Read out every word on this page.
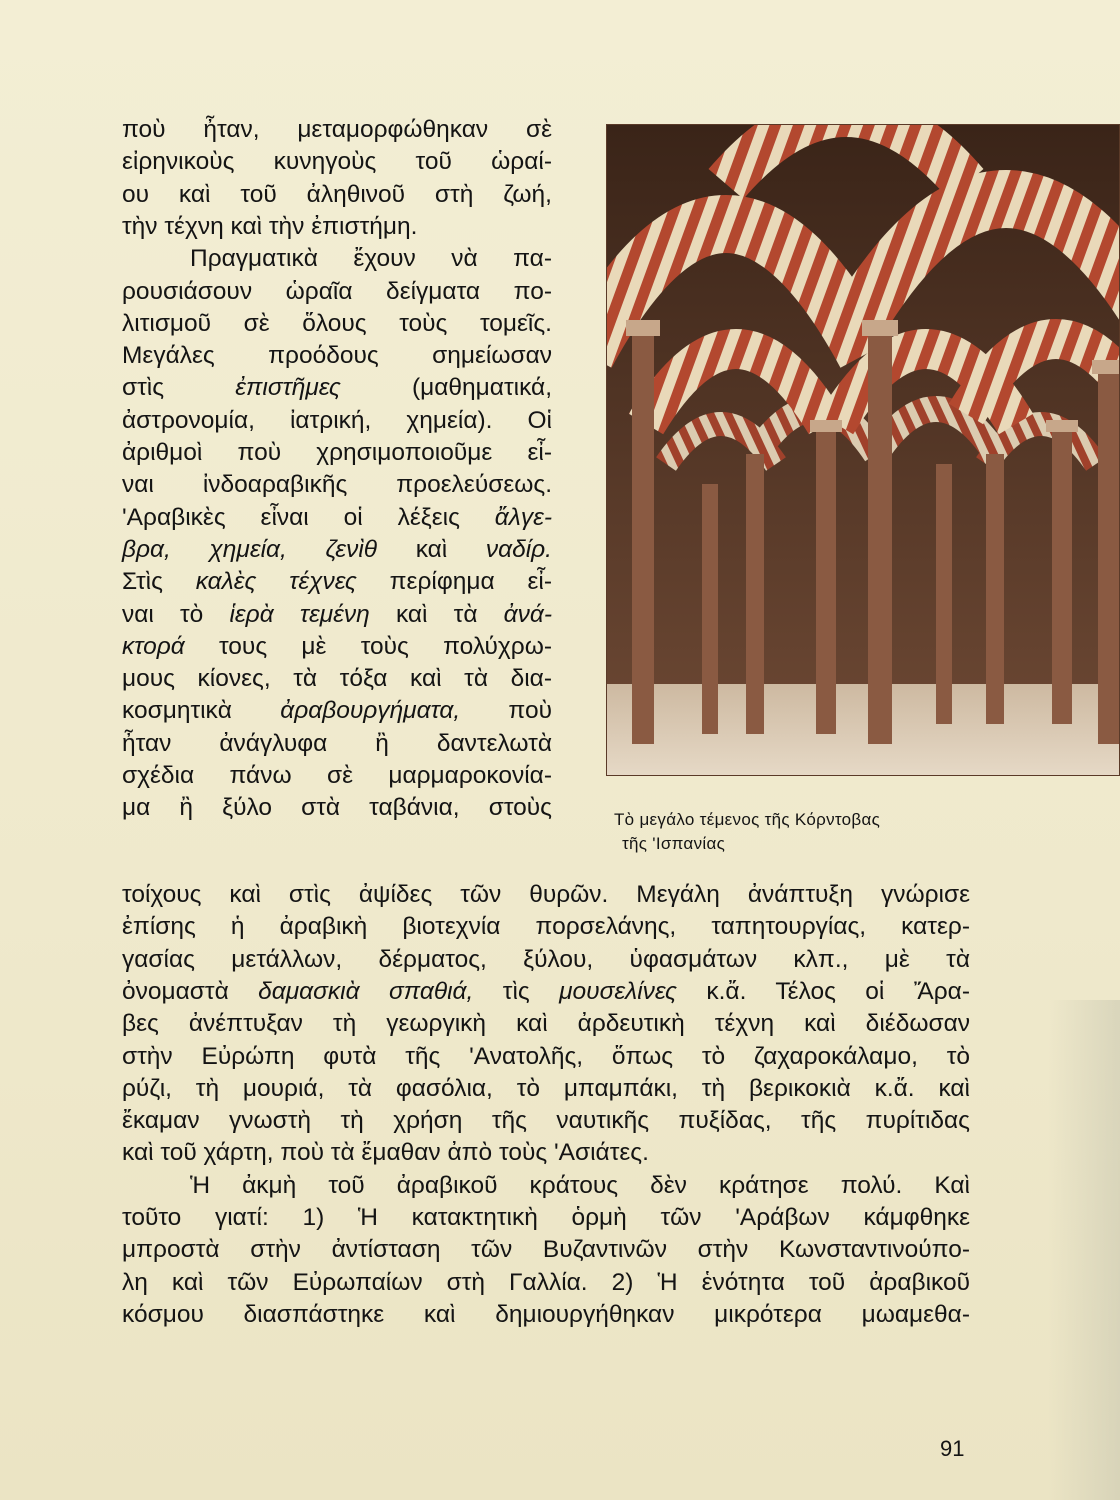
ποὺ ἦταν, μεταμορφώθηκαν σὲ
εἰρηνικοὺς κυνηγοὺς τοῦ ὡραί-
ου καὶ τοῦ ἀληθινοῦ στὴ ζωή,
τὴν τέχνη καὶ τὴν ἐπιστήμη.
Πραγματικὰ ἔχουν νὰ πα-
ρουσιάσουν ὡραῖα δείγματα πο-
λιτισμοῦ σὲ ὅλους τοὺς τομεῖς.
Μεγάλες προόδους σημείωσαν
στὶς ἐπιστῆμες (μαθηματικά,
ἀστρονομία, ἰατρική, χημεία). Οἱ
ἀριθμοὶ ποὺ χρησιμοποιοῦμε εἶ-
ναι ἰνδοαραβικῆς προελεύσεως.
'Αραβικὲς εἶναι οἱ λέξεις ἄλγε-
βρα, χημεία, ζενὶθ καὶ ναδίρ.
Στὶς καλὲς τέχνες περίφημα εἶ-
ναι τὸ ἱερὰ τεμένη καὶ τὰ ἀνά-
κτορά τους μὲ τοὺς πολύχρω-
μους κίονες, τὰ τόξα καὶ τὰ δια-
κοσμητικὰ ἀραβουργήματα, ποὺ
ἦταν ἀνάγλυφα ἢ δαντελωτὰ
σχέδια πάνω σὲ μαρμαροκονία-
μα ἢ ξύλο στὰ ταβάνια, στοὺς
τοίχους καὶ στὶς ἀψίδες τῶν θυρῶν. Μεγάλη ἀνάπτυξη γνώρισε
ἐπίσης ἡ ἀραβικὴ βιοτεχνία πορσελάνης, ταπητουργίας, κατερ-
γασίας μετάλλων, δέρματος, ξύλου, ὑφασμάτων κλπ., μὲ τὰ
ὀνομαστὰ δαμασκιὰ σπαθιά, τὶς μουσελίνες κ.ἄ. Τέλος οἱ Ἄρα-
βες ἀνέπτυξαν τὴ γεωργικὴ καὶ ἀρδευτικὴ τέχνη καὶ διέδωσαν
στὴν Εὐρώπη φυτὰ τῆς 'Ανατολῆς, ὅπως τὸ ζαχαροκάλαμο, τὸ
ρύζι, τὴ μουριά, τὰ φασόλια, τὸ μπαμπάκι, τὴ βερικοκιὰ κ.ἄ. καὶ
ἔκαμαν γνωστὴ τὴ χρήση τῆς ναυτικῆς πυξίδας, τῆς πυρίτιδας
καὶ τοῦ χάρτη, ποὺ τὰ ἔμαθαν ἀπὸ τοὺς 'Ασιάτες.
Ἡ ἀκμὴ τοῦ ἀραβικοῦ κράτους δὲν κράτησε πολύ. Καὶ
τοῦτο γιατί: 1) Ἡ κατακτητικὴ ὁρμὴ τῶν 'Αράβων κάμφθηκε
μπροστὰ στὴν ἀντίσταση τῶν Βυζαντινῶν στὴν Κωνσταντινούπο-
λη καὶ τῶν Εὐρωπαίων στὴ Γαλλία. 2) Ἡ ἑνότητα τοῦ ἀραβικοῦ
κόσμου διασπάστηκε καὶ δημιουργήθηκαν μικρότερα μωαμεθα-
Τὸ μεγάλο τέμενος τῆς Κόρντοβας
τῆς 'Ισπανίας
91
